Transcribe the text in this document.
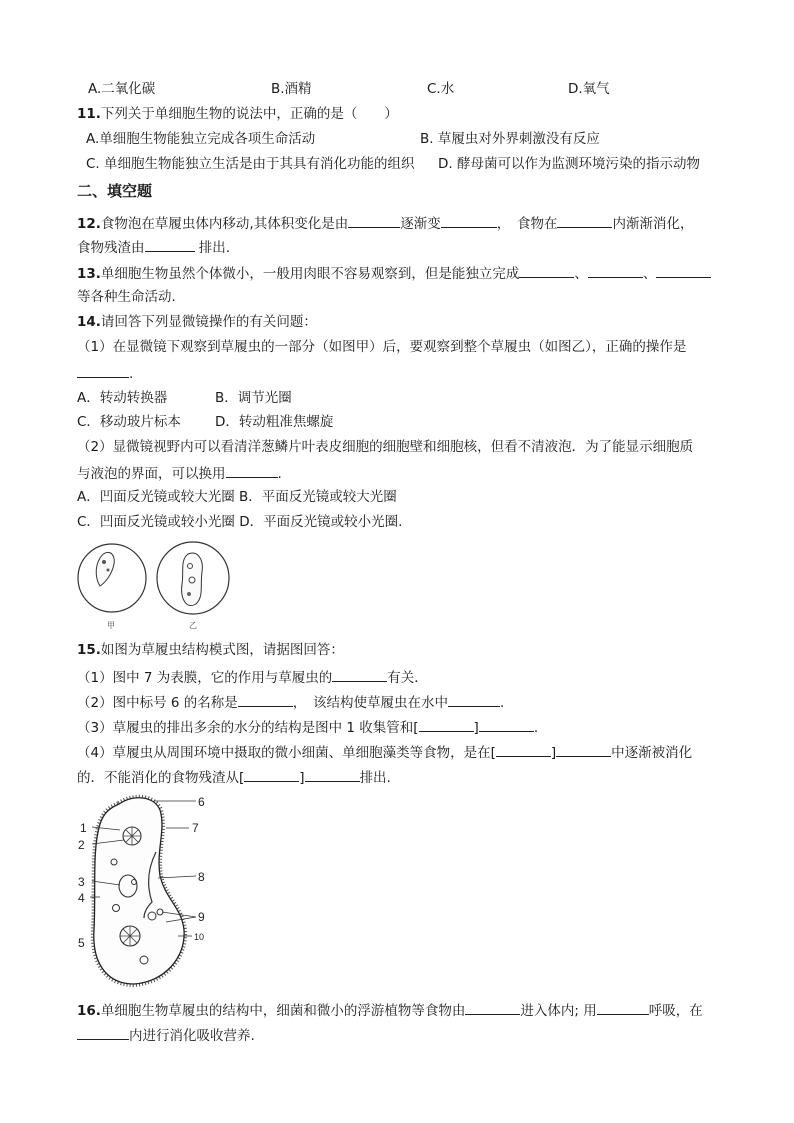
A.二氧化碳	B.酒精	C.水	D.氧气
11.下列关于单细胞生物的说法中，正确的是（　　）
A.单细胞生物能独立完成各项生命活动	B. 草履虫对外界刺激没有反应
C. 单细胞生物能独立生活是由于其具有消化功能的组织 D. 酵母菌可以作为监测环境污染的指示动物
二、填空题
12.食物泡在草履虫体内移动,其体积变化是由	逐渐变	，　食物在	内渐渐消化，
食物残渣由	排出.
13.单细胞生物虽然个体微小，一般用肉眼不容易观察到，但是能独立完成	、	、
等各种生命活动.
14.请回答下列显微镜操作的有关问题：
（1）在显微镜下观察到草履虫的一部分（如图甲）后，要观察到整个草履虫（如图乙），正确的操作是
.
A．转动转换器	B．调节光圈
C．移动玻片标本	D．转动粗准焦螺旋
（2）显微镜视野内可以看清洋葱鳞片叶表皮细胞的细胞壁和细胞核，但看不清液泡．为了能显示细胞质
与液泡的界面，可以换用	.
A．凹面反光镜或较大光圈 B．平面反光镜或较大光圈
C．凹面反光镜或较小光圈 D．平面反光镜或较小光圈.
甲	乙
15.如图为草履虫结构模式图，请据图回答：
（1）图中 7 为表膜，它的作用与草履虫的	有关．
（2）图中标号 6 的名称是	，　该结构使草履虫在水中	.
（3）草履虫的排出多余的水分的结构是图中 1 收集管和[	]	.
（4）草履虫从周围环境中摄取的微小细菌、单细胞藻类等食物，是在[	]	中逐渐被消化
的．不能消化的食物残渣从[	]	排出.
6
7
1
2
3
4
5
8
9
10
16.单细胞生物草履虫的结构中，细菌和微小的浮游植物等食物由	进入体内; 用	呼吸，在
内进行消化吸收营养.
